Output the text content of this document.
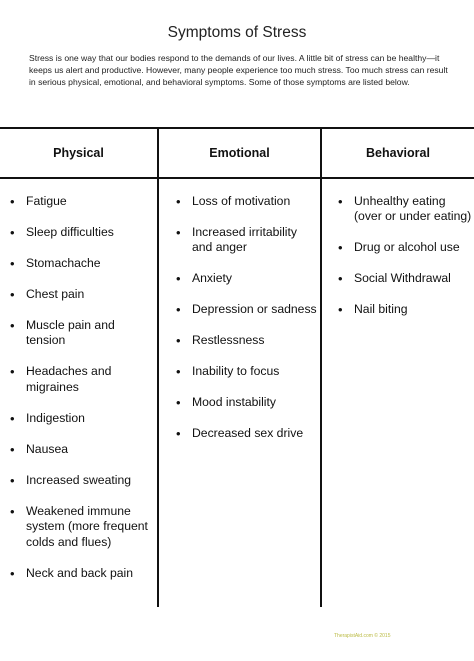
Symptoms of Stress
Stress is one way that our bodies respond to the demands of our lives. A little bit of stress can be healthy—it keeps us alert and productive. However, many people experience too much stress. Too much stress can result in serious physical, emotional, and behavioral symptoms. Some of those symptoms are listed below.
Physical	Emotional	Behavioral
• Fatigue
• Sleep difficulties
• Stomachache
• Chest pain
• Muscle pain and tension
• Headaches and migraines
• Indigestion
• Nausea
• Increased sweating
• Weakened immune system (more frequent colds and flues)
• Neck and back pain
• Loss of motivation
• Increased irritability and anger
• Anxiety
• Depression or sadness
• Restlessness
• Inability to focus
• Mood instability
• Decreased sex drive
• Unhealthy eating (over or under eating)
• Drug or alcohol use
• Social Withdrawal
• Nail biting
TherapistAid.com © 2015
